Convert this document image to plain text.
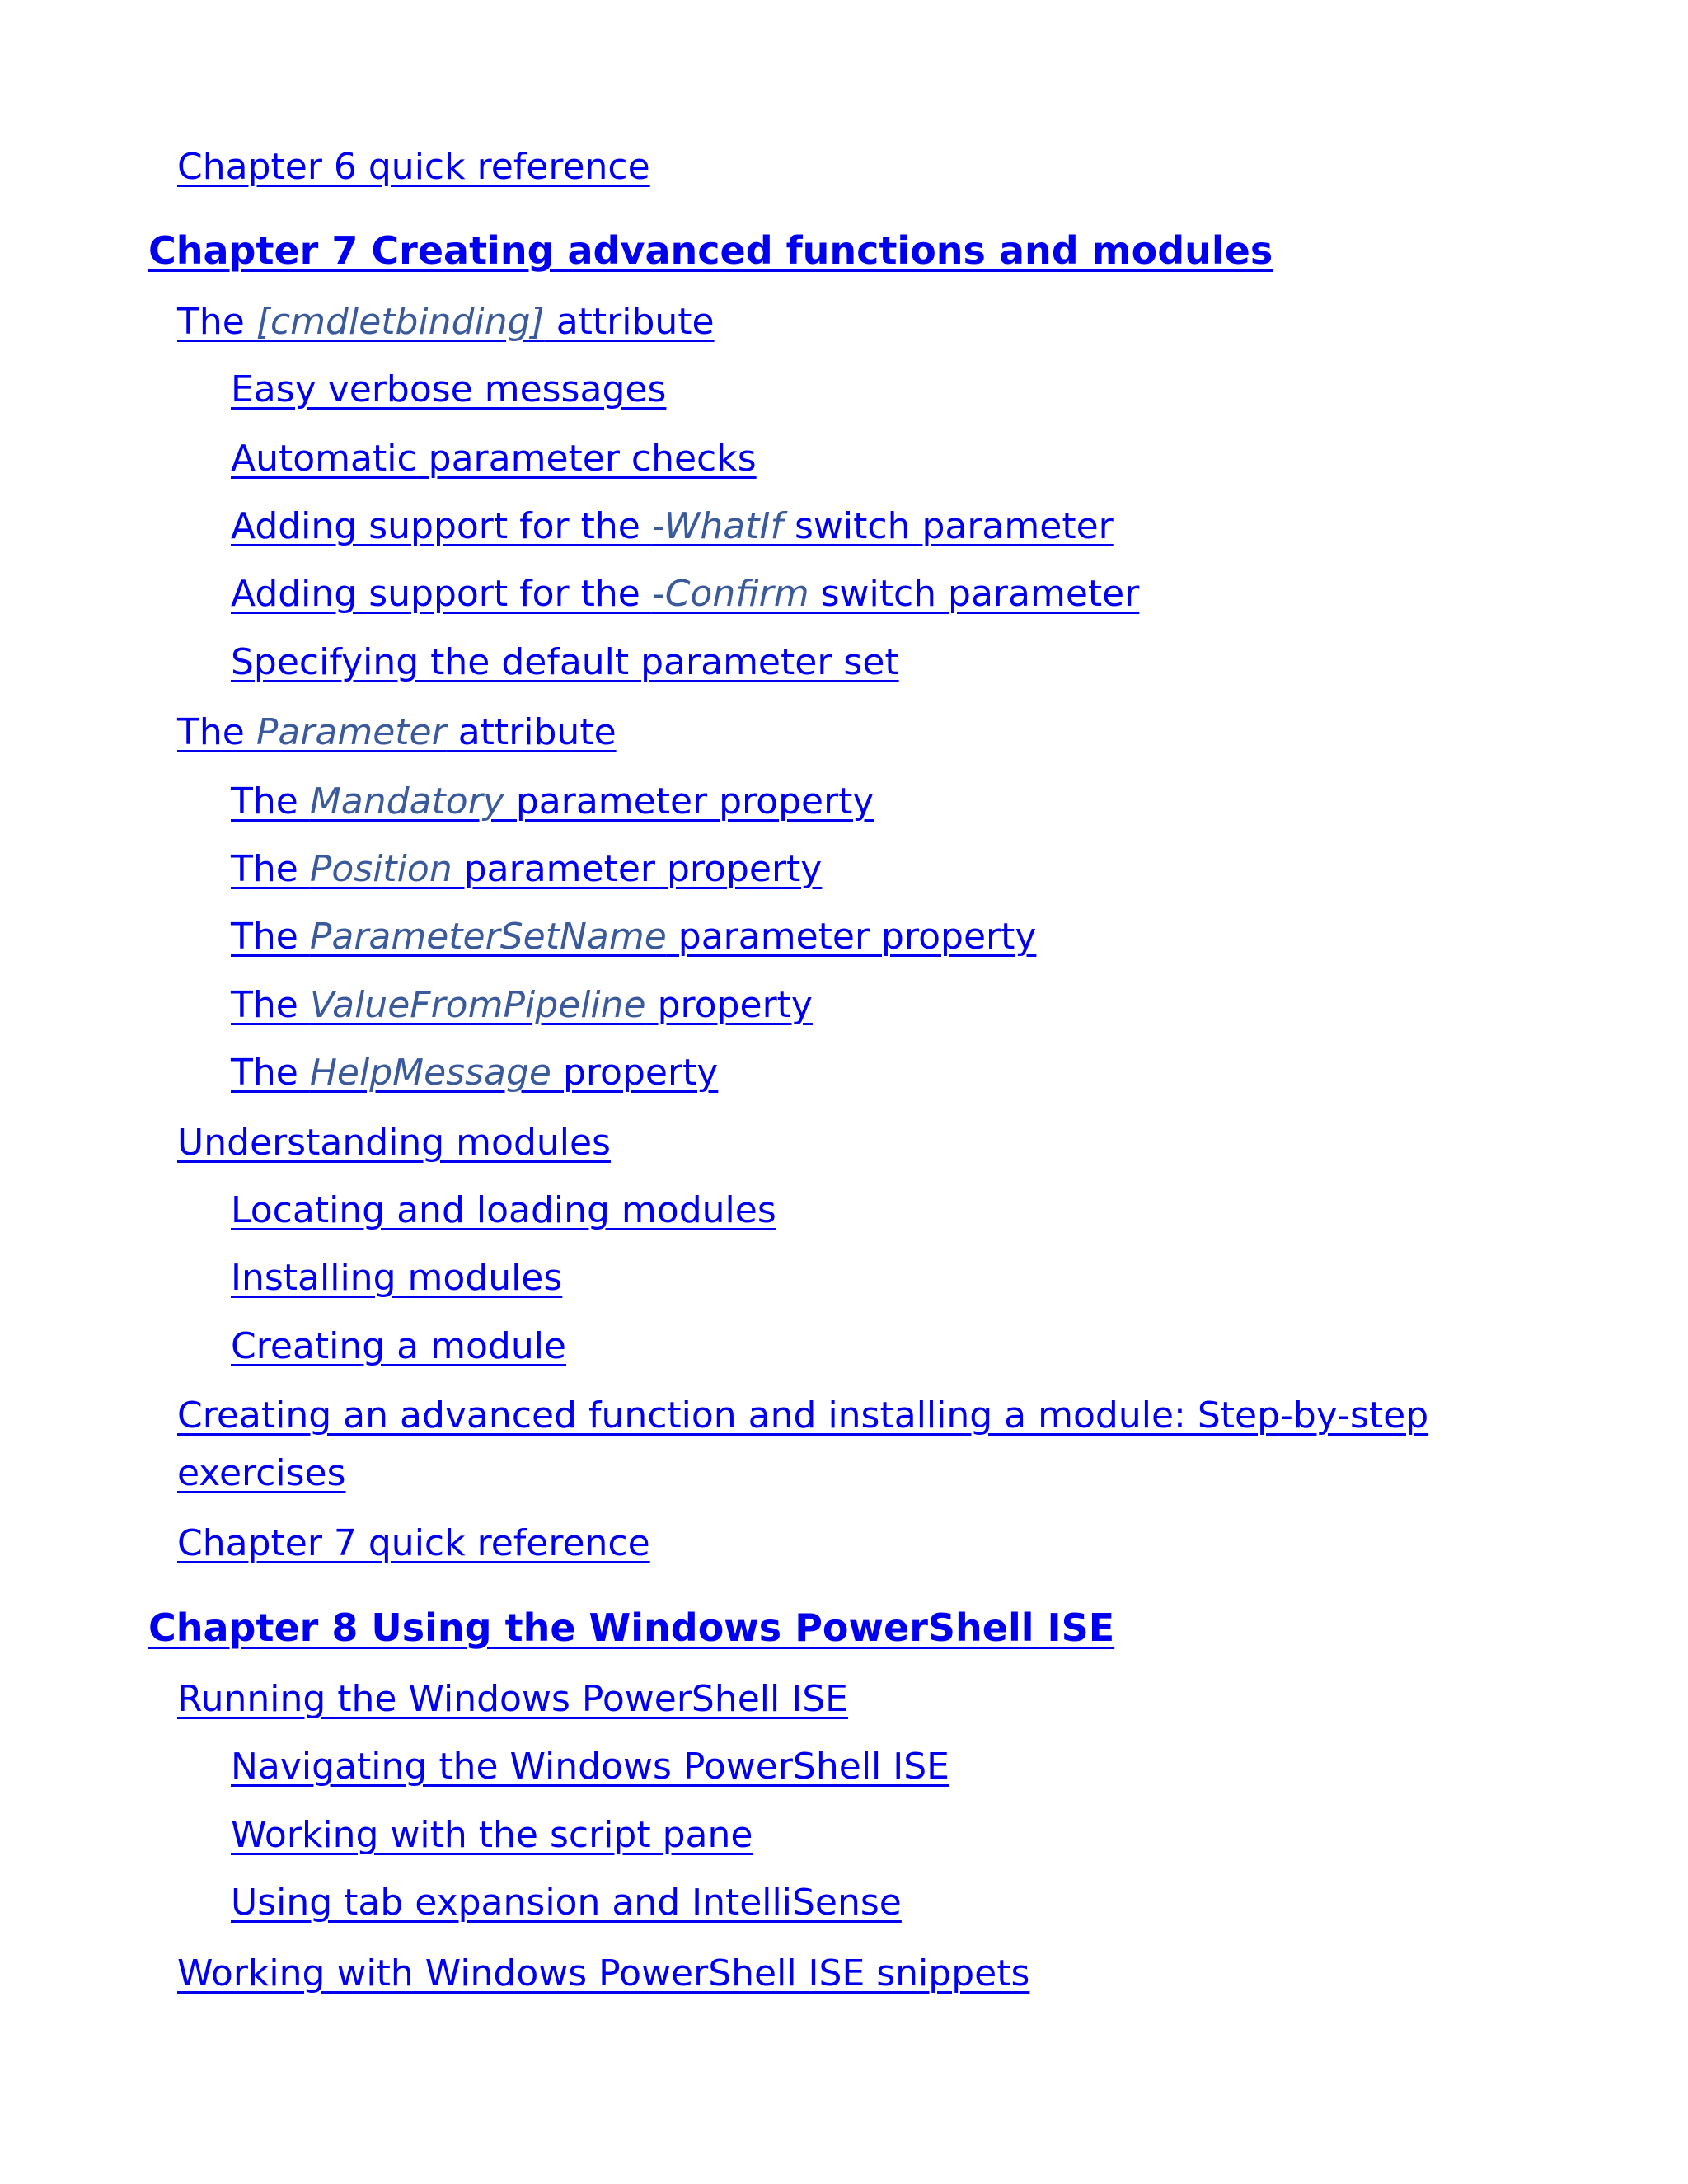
Chapter 6 quick reference
Chapter 7 Creating advanced functions and modules
The [cmdletbinding] attribute
Easy verbose messages
Automatic parameter checks
Adding support for the -WhatIf switch parameter
Adding support for the -Confirm switch parameter
Specifying the default parameter set
The Parameter attribute
The Mandatory parameter property
The Position parameter property
The ParameterSetName parameter property
The ValueFromPipeline property
The HelpMessage property
Understanding modules
Locating and loading modules
Installing modules
Creating a module
Creating an advanced function and installing a module: Step-by-step exercises
Chapter 7 quick reference
Chapter 8 Using the Windows PowerShell ISE
Running the Windows PowerShell ISE
Navigating the Windows PowerShell ISE
Working with the script pane
Using tab expansion and IntelliSense
Working with Windows PowerShell ISE snippets
